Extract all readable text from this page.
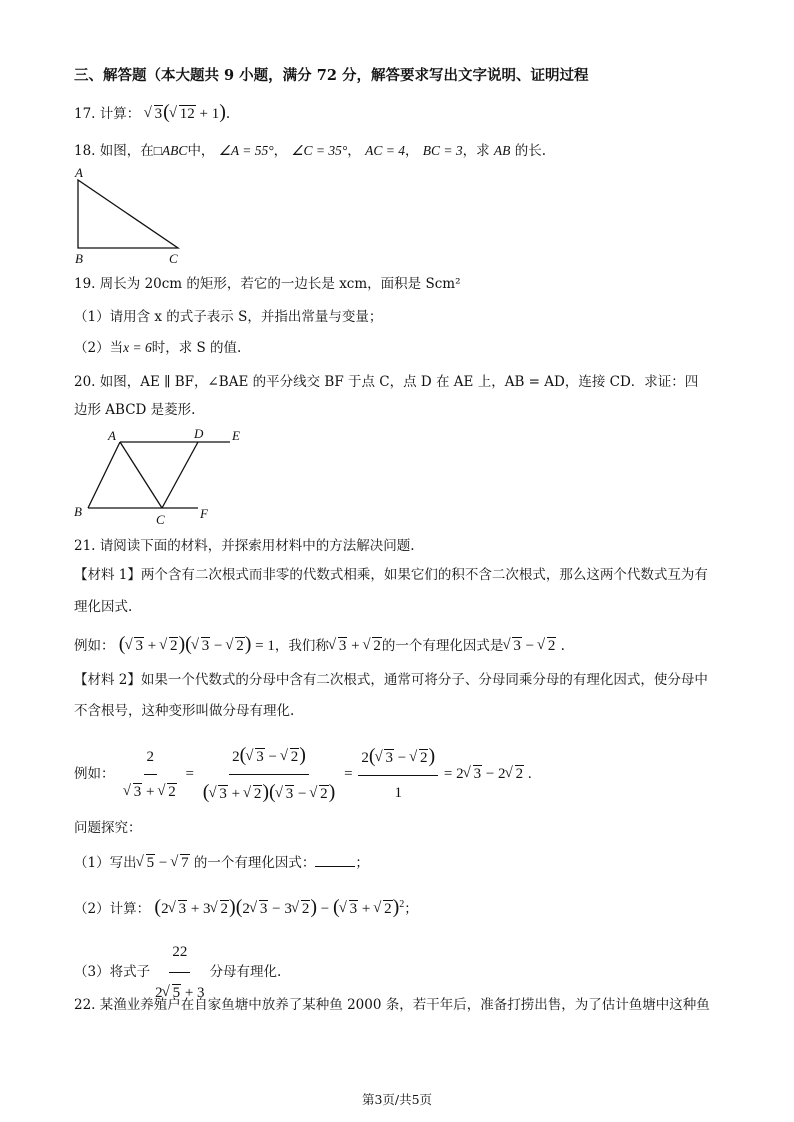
三、解答题（本大题共 9 小题，满分 72 分，解答要求写出文字说明、证明过程
17. 计算： √ 3(√ 12 + 1).
18. 如图，在□ABC中， ∠A = 55°， ∠C = 35°， AC = 4， BC = 3，求 AB 的长.
A
B	C
19. 周长为 20cm 的矩形，若它的一边长是 xcm，面积是 Scm²
（1）请用含 x 的式子表示 S，并指出常量与变量；
（2）当x = 6时，求 S 的值.
20. 如图，AE ∥ BF，∠BAE 的平分线交 BF 于点 C，点 D 在 AE 上，AB = AD，连接 CD．求证：四
边形 ABCD 是菱形.
A	D E
B
C	F
21. 请阅读下面的材料，并探索用材料中的方法解决问题.
【材料 1】两个含有二次根式而非零的代数式相乘，如果它们的积不含二次根式，那么这两个代数式互为有
理化因式.
例如： (√ 3 + √ 2)(√ 3 − √ 2) = 1，我们称√ 3 + √ 2的一个有理化因式是√ 3 − √ 2 .
【材料 2】如果一个代数式的分母中含有二次根式，通常可将分子、分母同乘分母的有理化因式，使分母中
不含根号，这种变形叫做分母有理化.
例如： 2
√ 3 + √ $2 = \frac{2(√ 3 - √ 2)}{(√ 3 + √ 2)(√ 3 - √ 2)} = \frac{2(√ 3 - √ 2)}{1} = 2√$ 3 − 2√ 2 .
问题探究：
（1）写出√ 5 − √ 7 的一个有理化因式：	；
（2）计算： (2√ 3 + 3√ 2)(2√ 3 − 3√ 2) − (√ 3 + √ 2)$^2$；
（3）将式子 $\frac{22}{2√ 5 + 3}$ 分母有理化.
22. 某渔业养殖户在自家鱼塘中放养了某种鱼 2000 条，若干年后，准备打捞出售，为了估计鱼塘中这种鱼
第3页/共5页
